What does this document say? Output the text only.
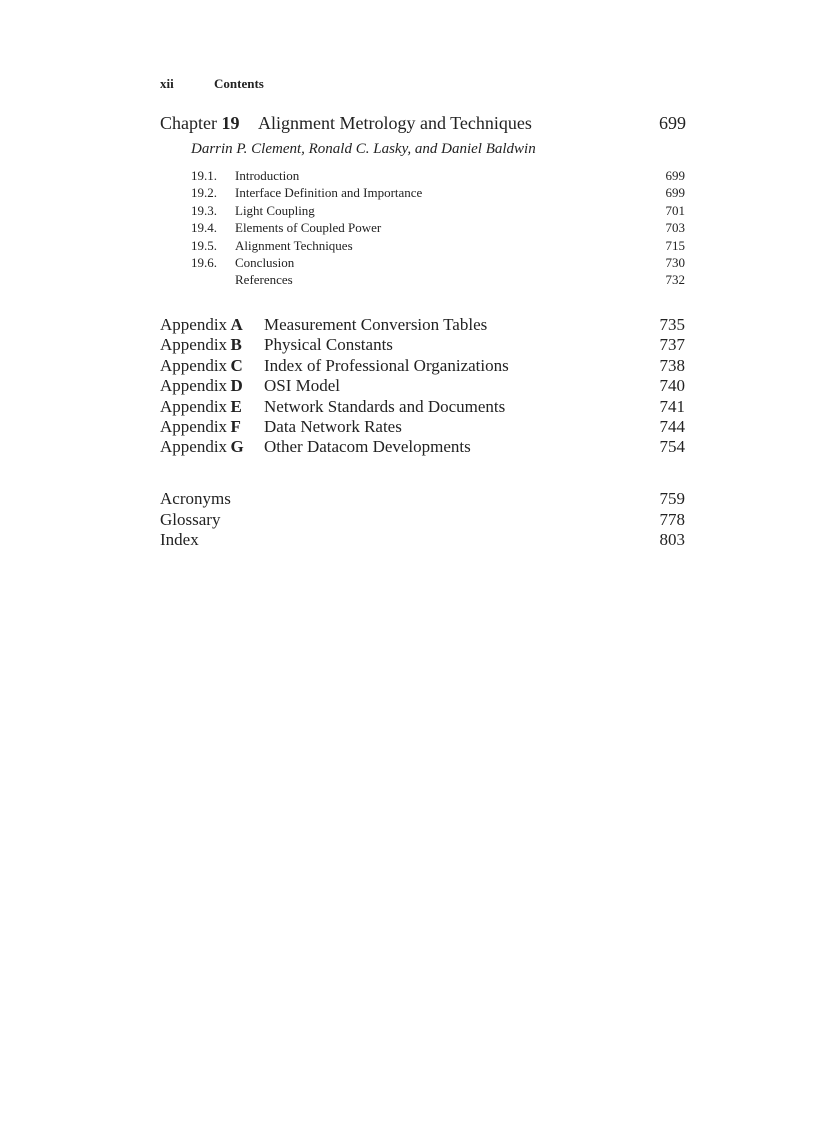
xii	Contents
Chapter 19 Alignment Metrology and Techniques	699
Darrin P. Clement, Ronald C. Lasky, and Daniel Baldwin
19.1. Introduction	699
19.2. Interface Definition and Importance	699
19.3. Light Coupling	701
19.4. Elements of Coupled Power	703
19.5. Alignment Techniques	715
19.6. Conclusion	730
References	732
Appendix  A Measurement Conversion Tables	735
Appendix  B Physical Constants	737
Appendix  C Index of Professional Organizations	738
Appendix  D OSI Model	740
Appendix  E Network Standards and Documents	741
Appendix  F Data Network Rates	744
Appendix  G Other Datacom Developments	754
Acronyms	759
Glossary	778
Index	803
